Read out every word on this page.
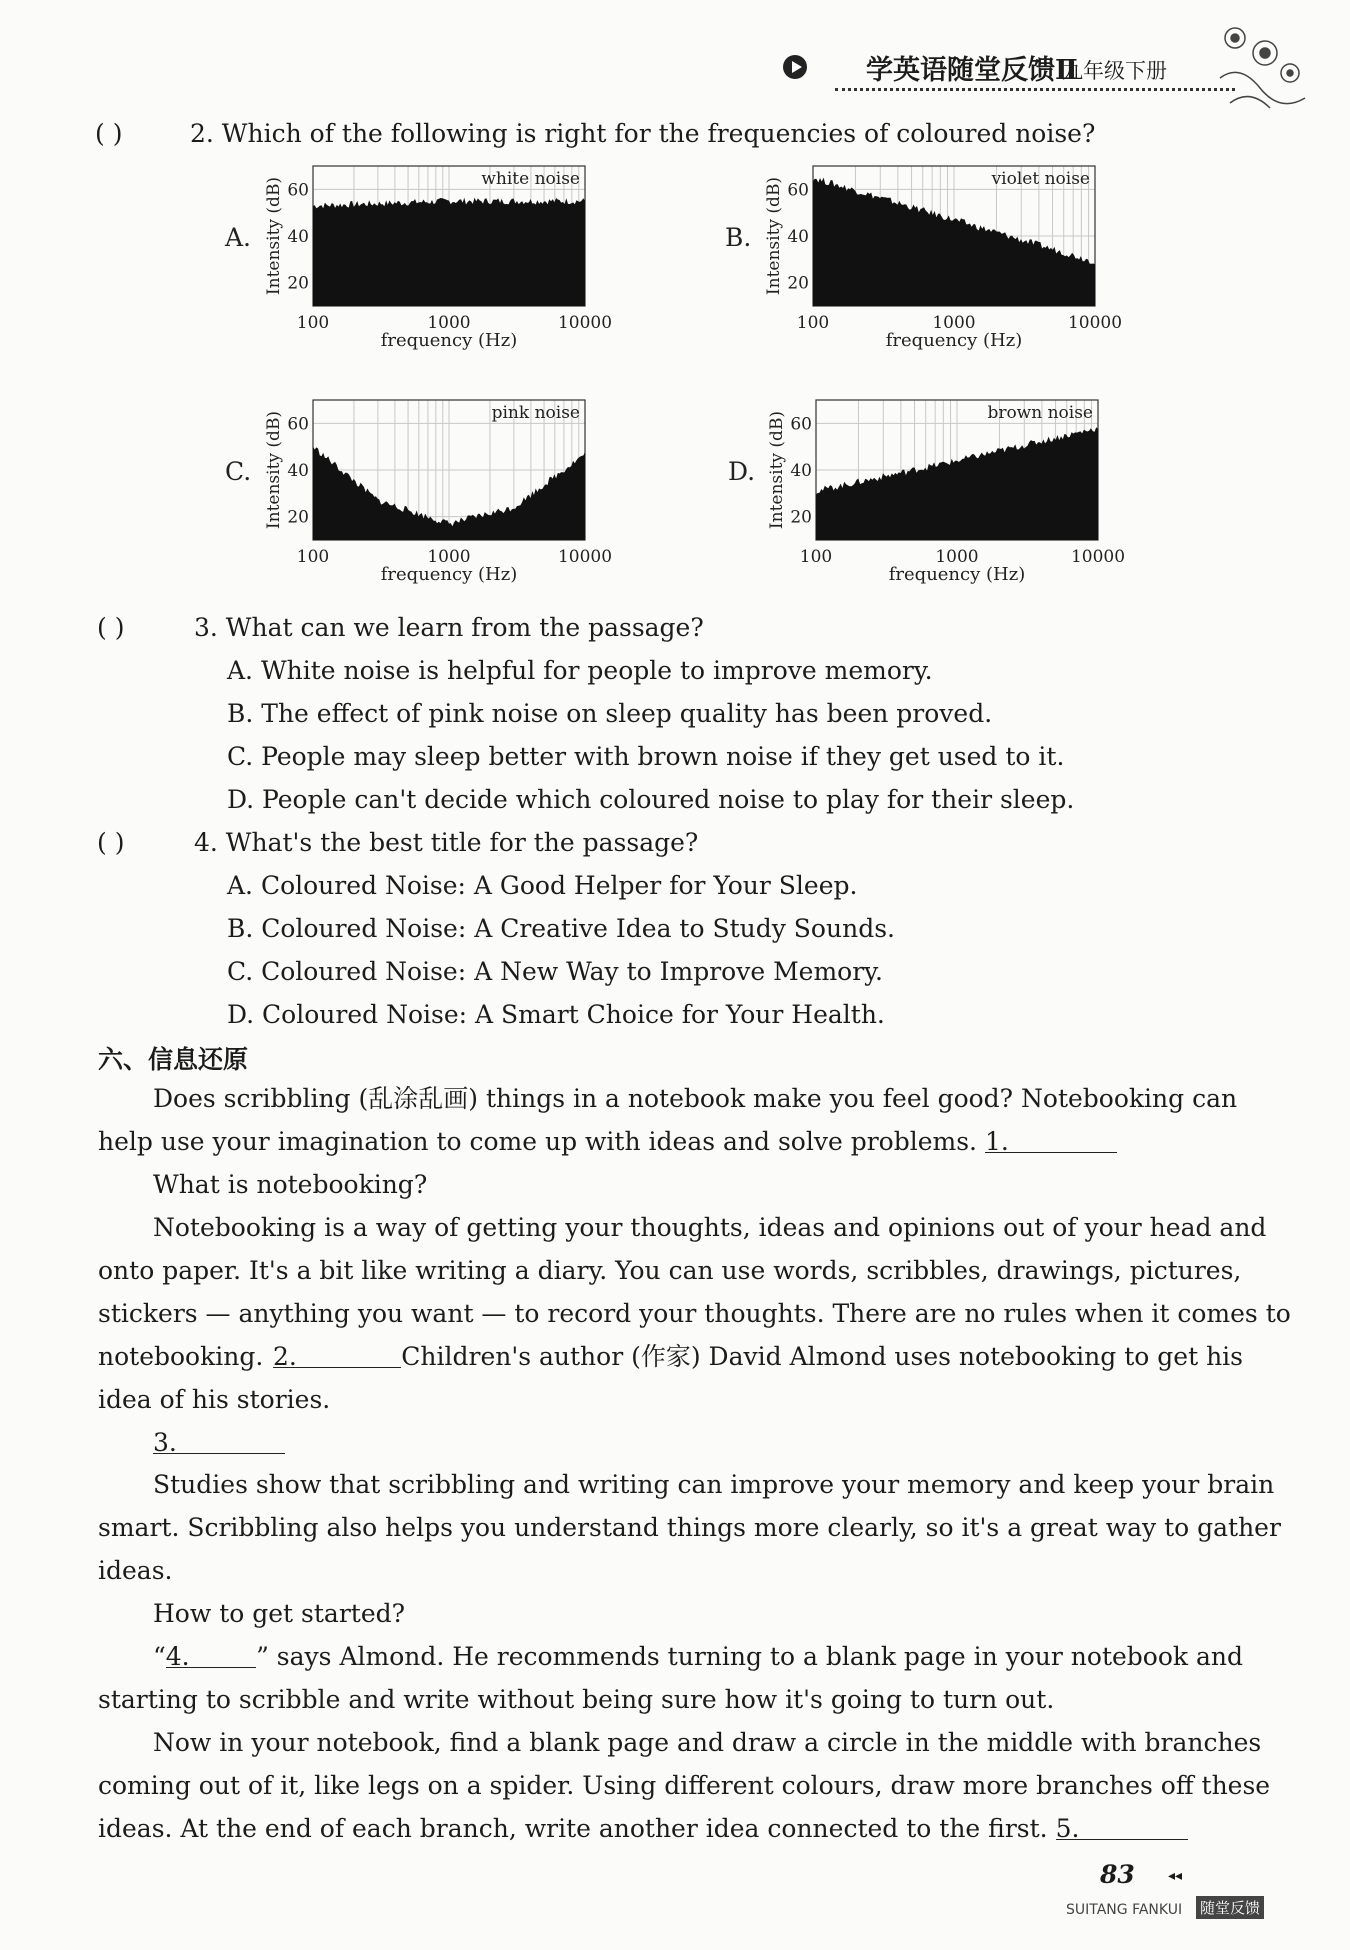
学英语随堂反馈Ⅱ
九年级下册
( )	2. Which of the following is right for the frequencies of coloured noise?
white noise
60
40
20
100	1000	10000
frequency (Hz)
Intensity (dB)
A.
violet noise
60
40
20
100	1000	10000
frequency (Hz)
Intensity (dB)
B.
pink noise
60
40
20
100	1000	10000
frequency (Hz)
Intensity (dB)
C.
brown noise
60
40
20
100	1000	10000
frequency (Hz)
Intensity (dB)
D.
( )	3. What can we learn from the passage?
A. White noise is helpful for people to improve memory.
B. The effect of pink noise on sleep quality has been proved.
C. People may sleep better with brown noise if they get used to it.
D. People can't decide which coloured noise to play for their sleep.
( )	4. What's the best title for the passage?
A. Coloured Noise: A Good Helper for Your Sleep.
B. Coloured Noise: A Creative Idea to Study Sounds.
C. Coloured Noise: A New Way to Improve Memory.
D. Coloured Noise: A Smart Choice for Your Health.
六、信息还原
Does scribbling (乱涂乱画) things in a notebook make you feel good? Notebooking can
help use your imagination to come up with ideas and solve problems. 1.
What is notebooking?
Notebooking is a way of getting your thoughts, ideas and opinions out of your head and
onto paper. It's a bit like writing a diary. You can use words, scribbles, drawings, pictures,
stickers — anything you want — to record your thoughts. There are no rules when it comes to
notebooking. 2.	Children's author (作家) David Almond uses notebooking to get his
idea of his stories.
3.
Studies show that scribbling and writing can improve your memory and keep your brain
smart. Scribbling also helps you understand things more clearly, so it's a great way to gather
ideas.
How to get started?
“ 4.	” says Almond. He recommends turning to a blank page in your notebook and
starting to scribble and write without being sure how it's going to turn out.
Now in your notebook, find a blank page and draw a circle in the middle with branches
coming out of it, like legs on a spider. Using different colours, draw more branches off these
ideas. At the end of each branch, write another idea connected to the first. 5.
83 ◂◂
SUITANG FANKUI 随堂反馈
